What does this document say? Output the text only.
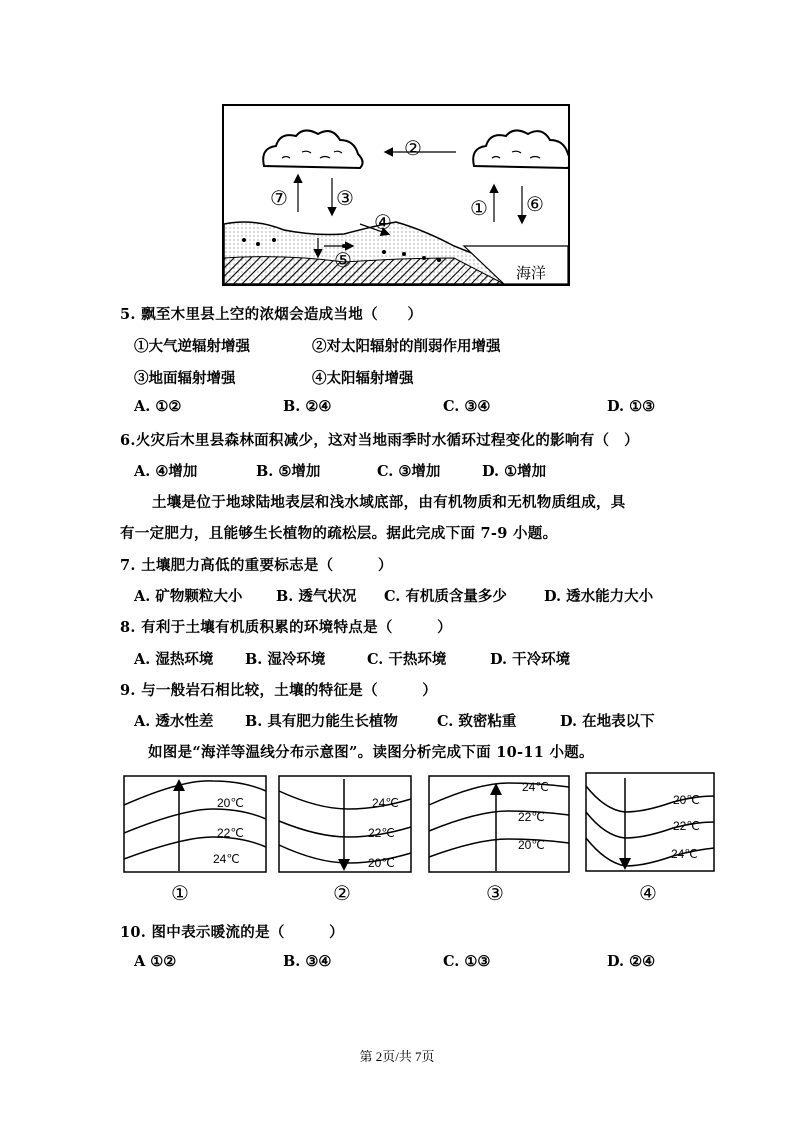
海洋
②
⑦ ③
④
⑤
① ⑥
5. 飘至木里县上空的浓烟会造成当地（　　）
①大气逆辐射增强	②对太阳辐射的削弱作用增强
③地面辐射增强	④太阳辐射增强
A. ①②	B. ②④	C. ③④	D. ①③
6.火灾后木里县森林面积减少，这对当地雨季时水循环过程变化的影响有（　）
A. ④增加	B. ⑤增加	C. ③增加	D. ①增加
土壤是位于地球陆地表层和浅水域底部，由有机物质和无机物质组成，具
有一定肥力，且能够生长植物的疏松层。据此完成下面 7-9 小题。
7. 土壤肥力高低的重要标志是（　　　）
A. 矿物颗粒大小 B. 透气状况 C. 有机质含量多少	D. 透水能力大小
8. 有利于土壤有机质积累的环境特点是（　　　）
A. 湿热环境 B. 湿冷环境	C. 干热环境	D. 干冷环境
9. 与一般岩石相比较，土壤的特征是（　　　）
A. 透水性差 B. 具有肥力能生长植物	C. 致密粘重	D. 在地表以下
如图是“海洋等温线分布示意图”。读图分析完成下面 10-11 小题。
20℃
22℃
24℃
①
24℃
22℃
20℃
②
24℃
22℃
20℃
③
20℃
22℃
24℃
④
10. 图中表示暖流的是（　　　）
A ①②	B. ③④	C. ①③	D. ②④
第 2页/共 7页
